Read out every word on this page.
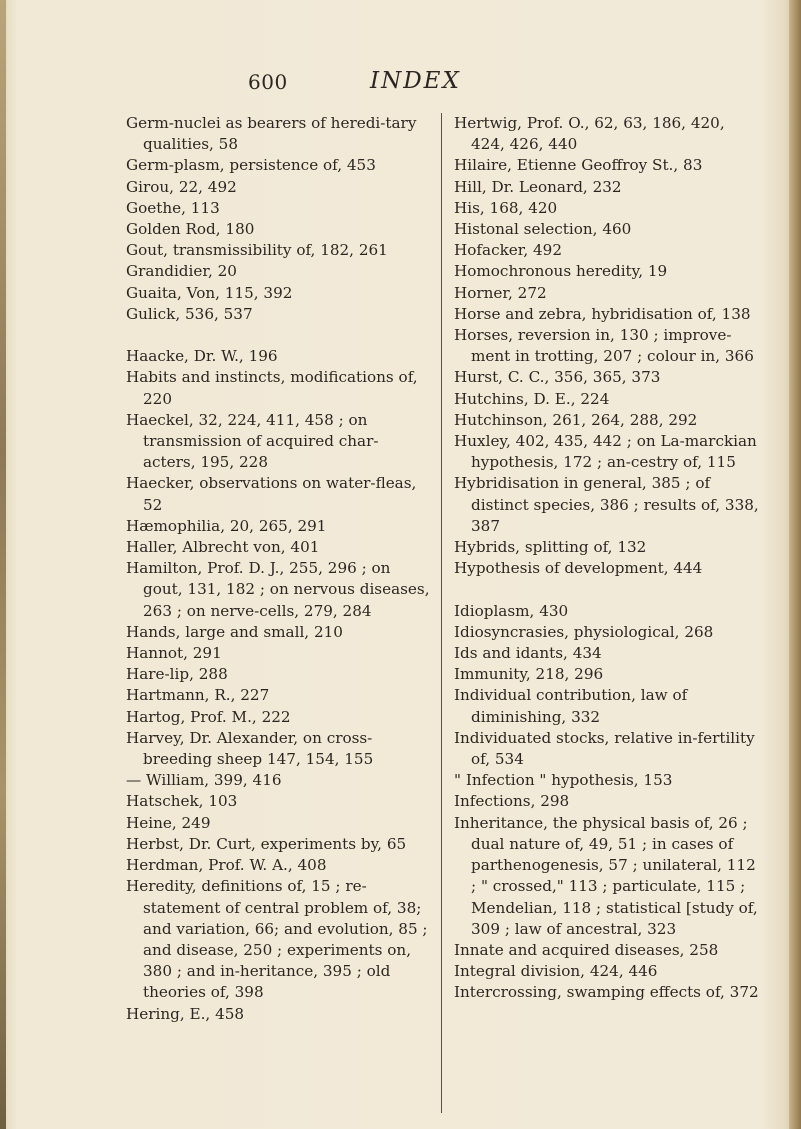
600	INDEX
Germ-nuclei as bearers of heredi-tary qualities, 58
Germ-plasm, persistence of, 453
Girou, 22, 492
Goethe, 113
Golden Rod, 180
Gout, transmissibility of, 182, 261
Grandidier, 20
Guaita, Von, 115, 392
Gulick, 536, 537
Haacke, Dr. W., 196
Habits and instincts, modifications of, 220
Haeckel, 32, 224, 411, 458 ; on transmission of acquired char-acters, 195, 228
Haecker, observations on water-fleas, 52
Hæmophilia, 20, 265, 291
Haller, Albrecht von, 401
Hamilton, Prof. D. J., 255, 296 ; on gout, 131, 182 ; on nervous diseases, 263 ; on nerve-cells, 279, 284
Hands, large and small, 210
Hannot, 291
Hare-lip, 288
Hartmann, R., 227
Hartog, Prof. M., 222
Harvey, Dr. Alexander, on cross-breeding sheep 147, 154, 155
— William, 399, 416
Hatschek, 103
Heine, 249
Herbst, Dr. Curt, experiments by, 65
Herdman, Prof. W. A., 408
Heredity, definitions of, 15 ; re-statement of central problem of, 38; and variation, 66; and evolution, 85 ; and disease, 250 ; experiments on, 380 ; and in-heritance, 395 ; old theories of, 398
Hering, E., 458
Hertwig, Prof. O., 62, 63, 186, 420, 424, 426, 440
Hilaire, Etienne Geoffroy St., 83
Hill, Dr. Leonard, 232
His, 168, 420
Histonal selection, 460
Hofacker, 492
Homochronous heredity, 19
Horner, 272
Horse and zebra, hybridisation of, 138
Horses, reversion in, 130 ; improve-ment in trotting, 207 ; colour in, 366
Hurst, C. C., 356, 365, 373
Hutchins, D. E., 224
Hutchinson, 261, 264, 288, 292
Huxley, 402, 435, 442 ; on La-marckian hypothesis, 172 ; an-cestry of, 115
Hybridisation in general, 385 ; of distinct species, 386 ; results of, 338, 387
Hybrids, splitting of, 132
Hypothesis of development, 444
Idioplasm, 430
Idiosyncrasies, physiological, 268
Ids and idants, 434
Immunity, 218, 296
Individual contribution, law of diminishing, 332
Individuated stocks, relative in-fertility of, 534
" Infection " hypothesis, 153
Infections, 298
Inheritance, the physical basis of, 26 ; dual nature of, 49, 51 ; in cases of parthenogenesis, 57 ; unilateral, 112 ; " crossed," 113 ; particulate, 115 ; Mendelian, 118 ; statistical [study of, 309 ; law of ancestral, 323
Innate and acquired diseases, 258
Integral division, 424, 446
Intercrossing, swamping effects of, 372
